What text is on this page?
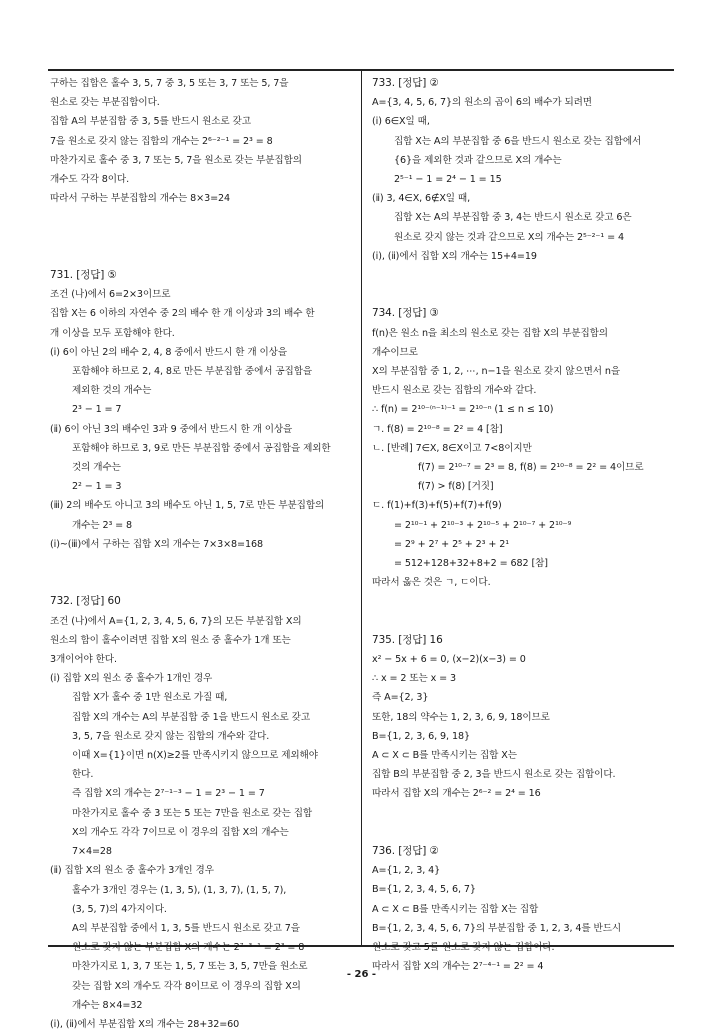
구하는 집합은 홀수 3, 5, 7 중 3, 5 또는 3, 7 또는 5, 7을
원소로 갖는 부분집합이다.
집합 A의 부분집합 중 3, 5를 반드시 원소로 갖고
7을 원소로 갖지 않는 집합의 개수는 2⁶⁻²⁻¹ = 2³ = 8
마찬가지로 홀수 중 3, 7 또는 5, 7을 원소로 갖는 부분집합의
개수도 각각 8이다.
따라서 구하는 부분집합의 개수는 8×3=24
731. [정답] ⑤
조건 (나)에서 6=2×3이므로
집합 X는 6 이하의 자연수 중 2의 배수 한 개 이상과 3의 배수 한
개 이상을 모두 포함해야 한다.
(ⅰ) 6이 아닌 2의 배수 2, 4, 8 중에서 반드시 한 개 이상을
포함해야 하므로 2, 4, 8로 만든 부분집합 중에서 공집합을
제외한 것의 개수는
2³ − 1 = 7
(ⅱ) 6이 아닌 3의 배수인 3과 9 중에서 반드시 한 개 이상을
포함해야 하므로 3, 9로 만든 부분집합 중에서 공집합을 제외한
것의 개수는
2² − 1 = 3
(ⅲ) 2의 배수도 아니고 3의 배수도 아닌 1, 5, 7로 만든 부분집합의
개수는 2³ = 8
(ⅰ)~(ⅲ)에서 구하는 집합 X의 개수는 7×3×8=168
732. [정답] 60
조건 (나)에서 A={1, 2, 3, 4, 5, 6, 7}의 모든 부분집합 X의
원소의 합이 홀수이려면 집합 X의 원소 중 홀수가 1개 또는
3개이어야 한다.
(ⅰ) 집합 X의 원소 중 홀수가 1개인 경우
집합 X가 홀수 중 1만 원소로 가질 때,
집합 X의 개수는 A의 부분집합 중 1을 반드시 원소로 갖고
3, 5, 7을 원소로 갖지 않는 집합의 개수와 같다.
이때 X={1}이면 n(X)≥2를 만족시키지 않으므로 제외해야
한다.
즉 집합 X의 개수는 2⁷⁻¹⁻³ − 1 = 2³ − 1 = 7
마찬가지로 홀수 중 3 또는 5 또는 7만을 원소로 갖는 집합
X의 개수도 각각 7이므로 이 경우의 집합 X의 개수는
7×4=28
(ⅱ) 집합 X의 원소 중 홀수가 3개인 경우
홀수가 3개인 경우는 (1, 3, 5), (1, 3, 7), (1, 5, 7),
(3, 5, 7)의 4가지이다.
A의 부분집합 중에서 1, 3, 5를 반드시 원소로 갖고 7을
원소로 갖지 않는 부분집합 X의 개수는 2⁷⁻³⁻¹ = 2³ = 8
마찬가지로 1, 3, 7 또는 1, 5, 7 또는 3, 5, 7만을 원소로
갖는 집합 X의 개수도 각각 8이므로 이 경우의 집합 X의
개수는 8×4=32
(ⅰ), (ⅱ)에서 부분집합 X의 개수는 28+32=60
733. [정답] ②
A={3, 4, 5, 6, 7}의 원소의 곱이 6의 배수가 되려면
(ⅰ) 6∈X일 때,
집합 X는 A의 부분집합 중 6을 반드시 원소로 갖는 집합에서
{6}을 제외한 것과 같으므로 X의 개수는
2⁵⁻¹ − 1 = 2⁴ − 1 = 15
(ⅱ) 3, 4∈X, 6∉X일 때,
집합 X는 A의 부분집합 중 3, 4는 반드시 원소로 갖고 6은
원소로 갖지 않는 것과 같으므로 X의 개수는 2⁵⁻²⁻¹ = 4
(ⅰ), (ⅱ)에서 집합 X의 개수는 15+4=19
734. [정답] ③
f(n)은 원소 n을 최소의 원소로 갖는 집합 X의 부분집합의
개수이므로
X의 부분집합 중 1, 2, ⋯, n−1을 원소로 갖지 않으면서 n을
반드시 원소로 갖는 집합의 개수와 같다.
∴ f(n) = 2¹⁰⁻⁽ⁿ⁻¹⁾⁻¹ = 2¹⁰⁻ⁿ (1 ≤ n ≤ 10)
ㄱ. f(8) = 2¹⁰⁻⁸ = 2² = 4 [참]
ㄴ. [반례] 7∈X, 8∈X이고 7<8이지만
f(7) = 2¹⁰⁻⁷ = 2³ = 8, f(8) = 2¹⁰⁻⁸ = 2² = 4이므로
f(7) > f(8) [거짓]
ㄷ. f(1)+f(3)+f(5)+f(7)+f(9)
= 2¹⁰⁻¹ + 2¹⁰⁻³ + 2¹⁰⁻⁵ + 2¹⁰⁻⁷ + 2¹⁰⁻⁹
= 2⁹ + 2⁷ + 2⁵ + 2³ + 2¹
= 512+128+32+8+2 = 682 [참]
따라서 옳은 것은 ㄱ, ㄷ이다.
735. [정답] 16
x² − 5x + 6 = 0, (x−2)(x−3) = 0
∴ x = 2 또는 x = 3
즉 A={2, 3}
또한, 18의 약수는 1, 2, 3, 6, 9, 18이므로
B={1, 2, 3, 6, 9, 18}
A ⊂ X ⊂ B를 만족시키는 집합 X는
집합 B의 부분집합 중 2, 3을 반드시 원소로 갖는 집합이다.
따라서 집합 X의 개수는 2⁶⁻² = 2⁴ = 16
736. [정답] ②
A={1, 2, 3, 4}
B={1, 2, 3, 4, 5, 6, 7}
A ⊂ X ⊂ B를 만족시키는 집합 X는 집합
B={1, 2, 3, 4, 5, 6, 7}의 부분집합 중 1, 2, 3, 4를 반드시
원소로 갖고 5를 원소로 갖지 않는 집합이다.
따라서 집합 X의 개수는 2⁷⁻⁴⁻¹ = 2² = 4
- 26 -
